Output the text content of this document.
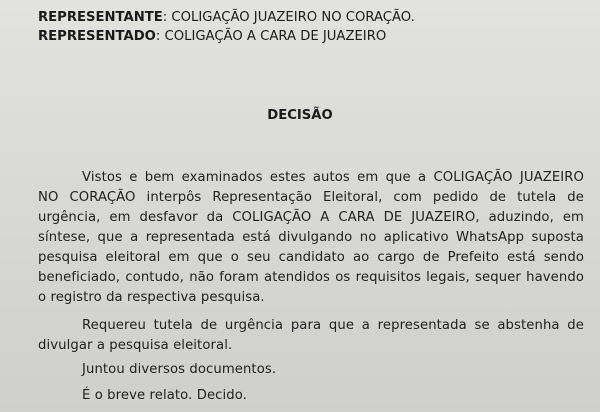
REPRESENTANTE: COLIGAÇÃO JUAZEIRO NO CORAÇÃO.
REPRESENTADO: COLIGAÇÃO A CARA DE JUAZEIRO
DECISÃO
Vistos e bem examinados estes autos em que a COLIGAÇÃO JUAZEIRO
NO CORAÇÃO interpôs Representação Eleitoral, com pedido de tutela de
urgência, em desfavor da COLIGAÇÃO A CARA DE JUAZEIRO, aduzindo, em
síntese, que a representada está divulgando no aplicativo WhatsApp suposta
pesquisa eleitoral em que o seu candidato ao cargo de Prefeito está sendo
beneficiado, contudo, não foram atendidos os requisitos legais, sequer havendo
o registro da respectiva pesquisa.
Requereu tutela de urgência para que a representada se abstenha de
divulgar a pesquisa eleitoral.
Juntou diversos documentos.
É o breve relato. Decido.
